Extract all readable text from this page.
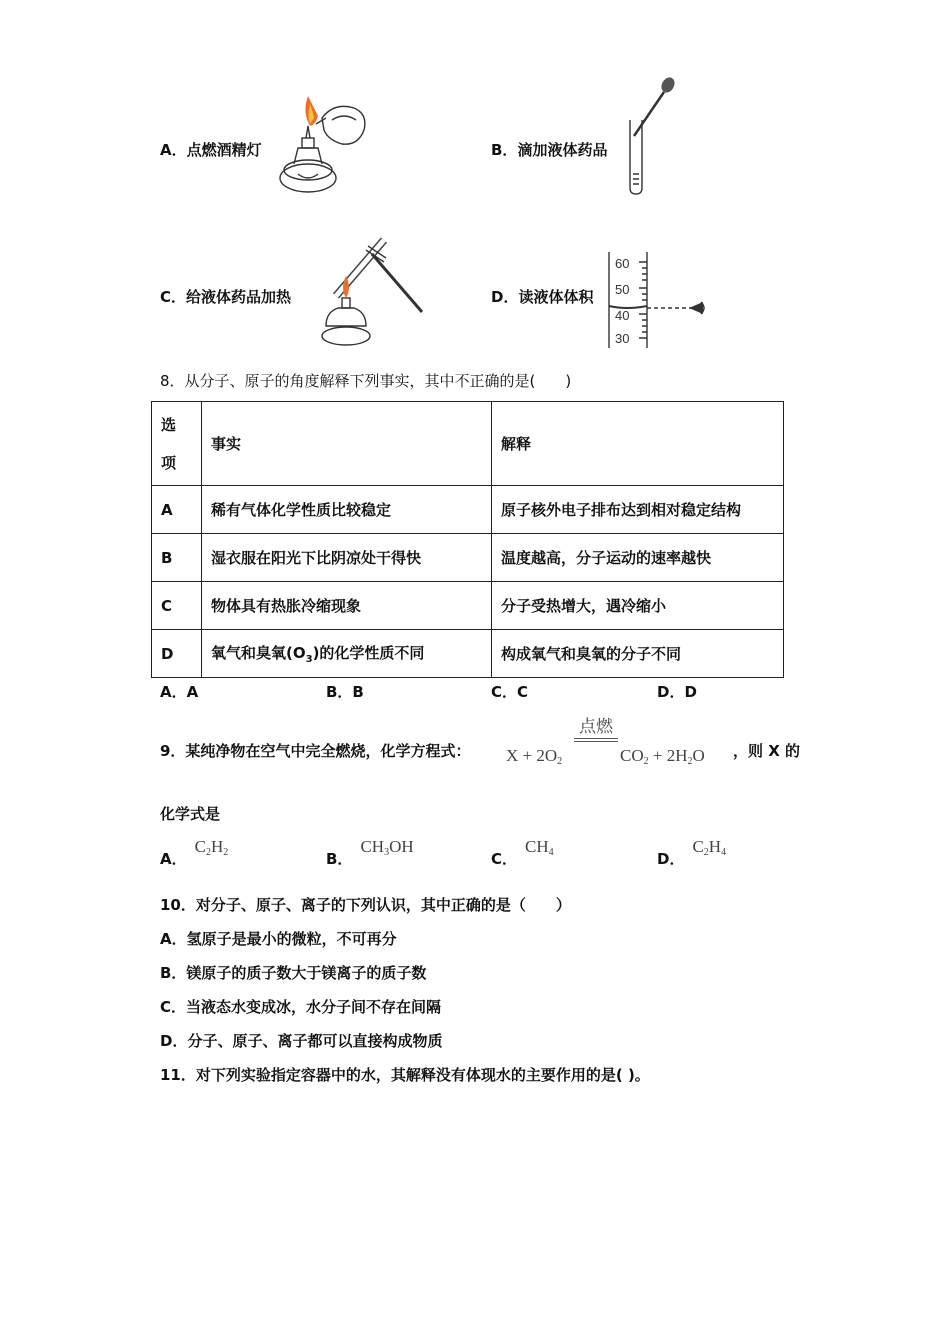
A．点燃酒精灯	B．滴加液体药品
C．给液体药品加热	D．读液体体积
60
50
40
30
8．从分子、原子的角度解释下列事实，其中不正确的是(　　)
选
项	事实	解释
A	稀有气体化学性质比较稳定	原子核外电子排布达到相对稳定结构
B	湿衣服在阳光下比阴凉处干得快	温度越高，分子运动的速率越快
C	物体具有热胀冷缩现象	分子受热增大，遇冷缩小
D	氧气和臭氧$(O_3)$的化学性质不同	构成氧气和臭氧的分子不同
A．A	B．B	C．C	D．D
9．某纯净物在空气中完全燃烧，化学方程式： $X + 2O_2$
点燃
$CO_2 + 2H_2O$ ，则 X 的
化学式是
A．$C_2H_2$	B．$CH_3OH$
C．$CH_4$	D．$C_2H_4$
10．对分子、原子、离子的下列认识，其中正确的是（　　）
A．氢原子是最小的微粒，不可再分
B．镁原子的质子数大于镁离子的质子数
C．当液态水变成冰，水分子间不存在间隔
D．分子、原子、离子都可以直接构成物质
11．对下列实验指定容器中的水，其解释没有体现水的主要作用的是( )。
